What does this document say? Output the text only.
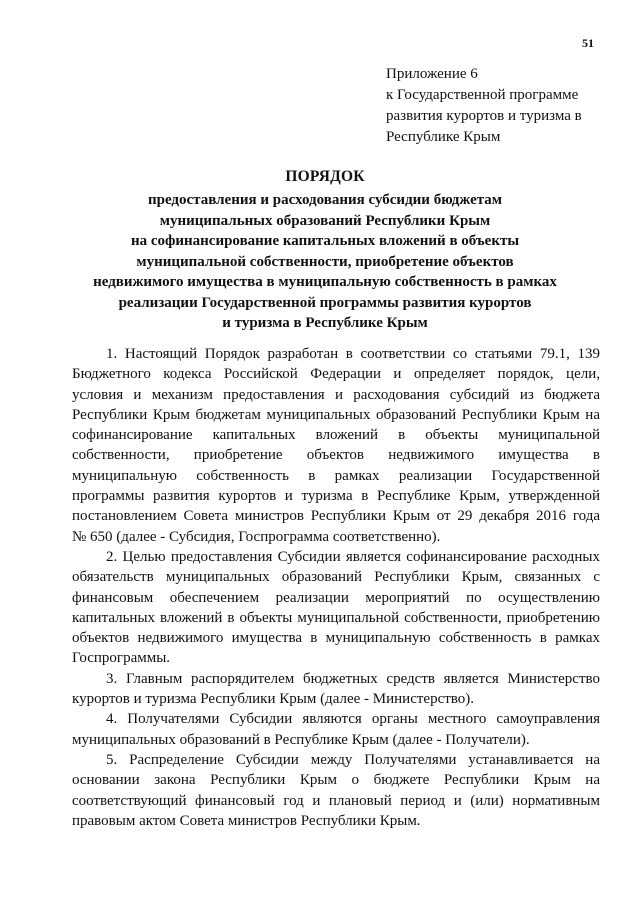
51
Приложение 6
к Государственной программе
развития курортов и туризма в
Республике Крым
ПОРЯДОК
предоставления и расходования субсидии бюджетам
муниципальных образований Республики Крым
на софинансирование капитальных вложений в объекты
муниципальной собственности, приобретение объектов
недвижимого имущества в муниципальную собственность в рамках
реализации Государственной программы развития курортов
и туризма в Республике Крым
1. Настоящий Порядок разработан в соответствии со статьями 79.1, 139
Бюджетного кодекса Российской Федерации и определяет порядок, цели,
условия и механизм предоставления и расходования субсидий из бюджета
Республики Крым бюджетам муниципальных образований Республики Крым на
софинансирование капитальных вложений в объекты муниципальной
собственности, приобретение объектов недвижимого имущества в
муниципальную собственность в рамках реализации Государственной
программы развития курортов и туризма в Республике Крым, утвержденной
постановлением Совета министров Республики Крым от 29 декабря 2016 года
№ 650 (далее - Субсидия, Госпрограмма соответственно).
2. Целью предоставления Субсидии является софинансирование расходных
обязательств муниципальных образований Республики Крым, связанных с
финансовым обеспечением реализации мероприятий по осуществлению
капитальных вложений в объекты муниципальной собственности, приобретению
объектов недвижимого имущества в муниципальную собственность в рамках
Госпрограммы.
3. Главным распорядителем бюджетных средств является Министерство
курортов и туризма Республики Крым (далее - Министерство).
4. Получателями Субсидии являются органы местного самоуправления
муниципальных образований в Республике Крым (далее - Получатели).
5. Распределение Субсидии между Получателями устанавливается на
основании закона Республики Крым о бюджете Республики Крым на
соответствующий финансовый год и плановый период и (или) нормативным
правовым актом Совета министров Республики Крым.
